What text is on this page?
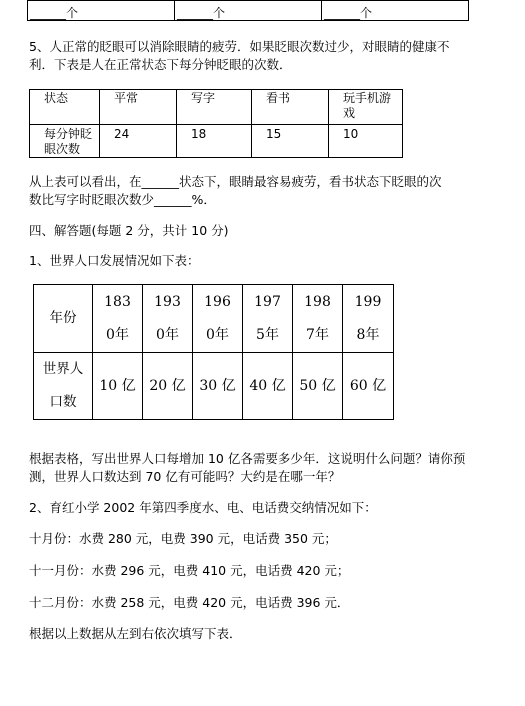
______个	______个	______个
5、人正常的眨眼可以消除眼睛的疲劳．如果眨眼次数过少，对眼睛的健康不
利．下表是人在正常状态下每分钟眨眼的次数．
状态	平常	写字	看书	玩手机游戏
每分钟眨眼次数	24	18	15	10
从上表可以看出，在______状态下，眼睛最容易疲劳，看书状态下眨眼的次
数比写字时眨眼次数少______%．
四、解答题(每题 2 分，共计 10 分)
1、世界人口发展情况如下表：
年份	1830年	1930年	1960年	1975年	1987年	1998年
世界人口数	10 亿	20 亿	30 亿	40 亿	50 亿	60 亿
根据表格，写出世界人口每增加 10 亿各需要多少年．这说明什么问题？请你预
测，世界人口数达到 70 亿有可能吗？大约是在哪一年？
2、育红小学 2002 年第四季度水、电、电话费交纳情况如下：
十月份：水费 280 元，电费 390 元，电话费 350 元；
十一月份：水费 296 元，电费 410 元，电话费 420 元；
十二月份：水费 258 元，电费 420 元，电话费 396 元．
根据以上数据从左到右依次填写下表．
